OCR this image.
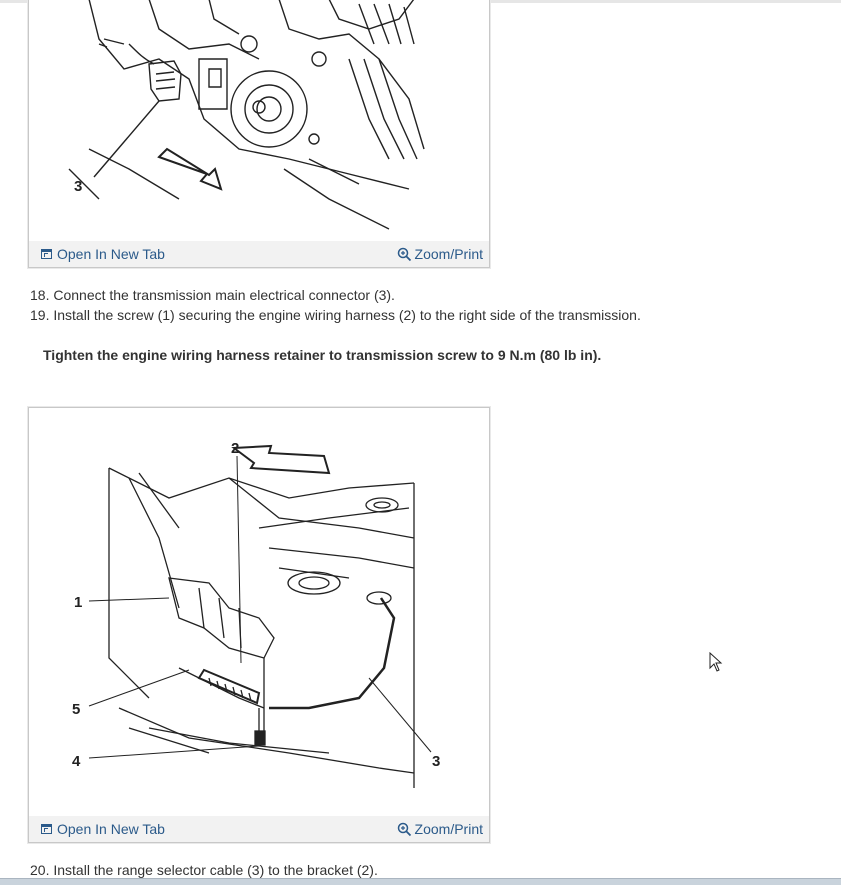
3
Open In New Tab	Zoom/Print
18. Connect the transmission main electrical connector (3).
19. Install the screw (1) securing the engine wiring harness (2) to the right side of the transmission.
Tighten the engine wiring harness retainer to transmission screw to 9 N.m (80 lb in).
2
1
5
4	3
Open In New Tab	Zoom/Print
20. Install the range selector cable (3) to the bracket (2).
